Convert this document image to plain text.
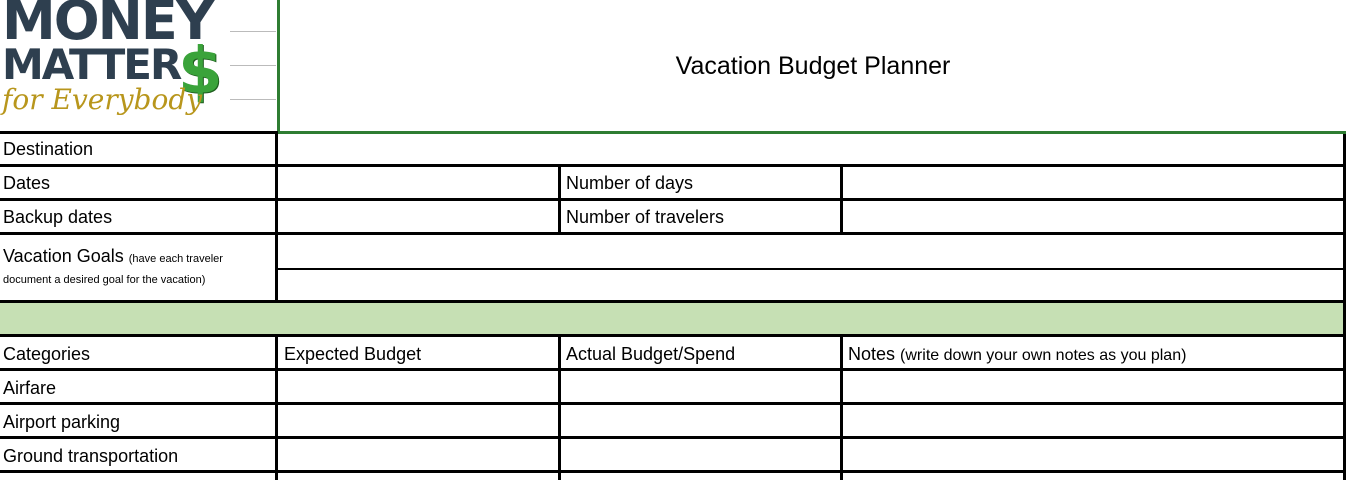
MONEY
MATTER
$
for Everybody
Vacation Budget Planner
Destination
Dates	Number of days
Backup dates	Number of travelers
Vacation Goals (have each traveler
document a desired goal for the vacation)
Categories	Expected Budget	Actual Budget/Spend	Notes (write down your own notes as you plan)
Airfare
Airport parking
Ground transportation
